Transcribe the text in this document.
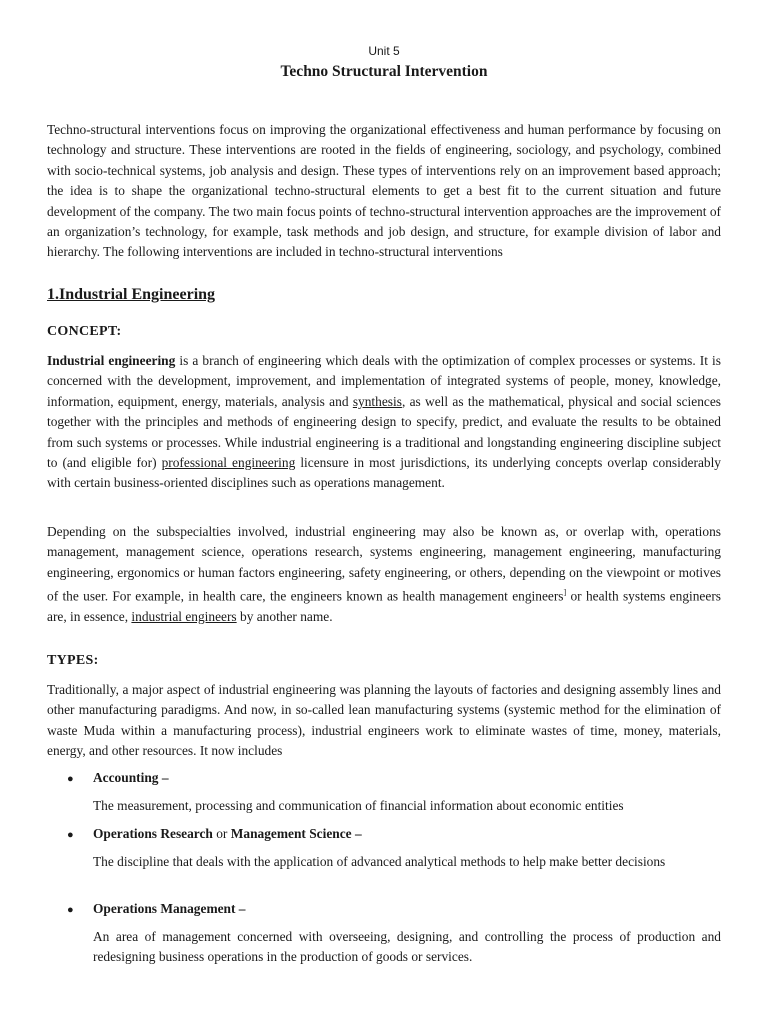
Unit 5
Techno Structural Intervention

Techno-structural interventions focus on improving the organizational effectiveness and human performance by focusing on technology and structure. These interventions are rooted in the fields of engineering, sociology, and psychology, combined with socio-technical systems, job analysis and design. These types of interventions rely on an improvement based approach; the idea is to shape the organizational techno-structural elements to get a best fit to the current situation and future development of the company. The two main focus points of techno-structural intervention approaches are the improvement of an organization’s technology, for example, task methods and job design, and structure, for example division of labor and hierarchy. The following interventions are included in techno-structural interventions

1.Industrial Engineering
CONCEPT:

Industrial engineering is a branch of engineering which deals with the optimization of complex processes or systems. It is concerned with the development, improvement, and implementation of integrated systems of people, money, knowledge, information, equipment, energy, materials, analysis and synthesis, as well as the mathematical, physical and social sciences together with the principles and methods of engineering design to specify, predict, and evaluate the results to be obtained from such systems or processes. While industrial engineering is a traditional and longstanding engineering discipline subject to (and eligible for) professional engineering licensure in most jurisdictions, its underlying concepts overlap considerably with certain business-oriented disciplines such as operations management.

Depending on the subspecialties involved, industrial engineering may also be known as, or overlap with, operations management, management science, operations research, systems engineering, management engineering, manufacturing engineering, ergonomics or human factors engineering, safety engineering, or others, depending on the viewpoint or motives of the user. For example, in health care, the engineers known as health management engineers] or health systems engineers are, in essence, industrial engineers by another name.

TYPES:

Traditionally, a major aspect of industrial engineering was planning the layouts of factories and designing assembly lines and other manufacturing paradigms. And now, in so-called lean manufacturing systems (systemic method for the elimination of waste Muda within a manufacturing process), industrial engineers work to eliminate wastes of time, money, materials, energy, and other resources. It now includes

● Accounting –
The measurement, processing and communication of financial information about economic entities
● Operations Research or Management Science –
The discipline that deals with the application of advanced analytical methods to help make better decisions
● Operations Management –
An area of management concerned with overseeing, designing, and controlling the process of production and redesigning business operations in the production of goods or services.
